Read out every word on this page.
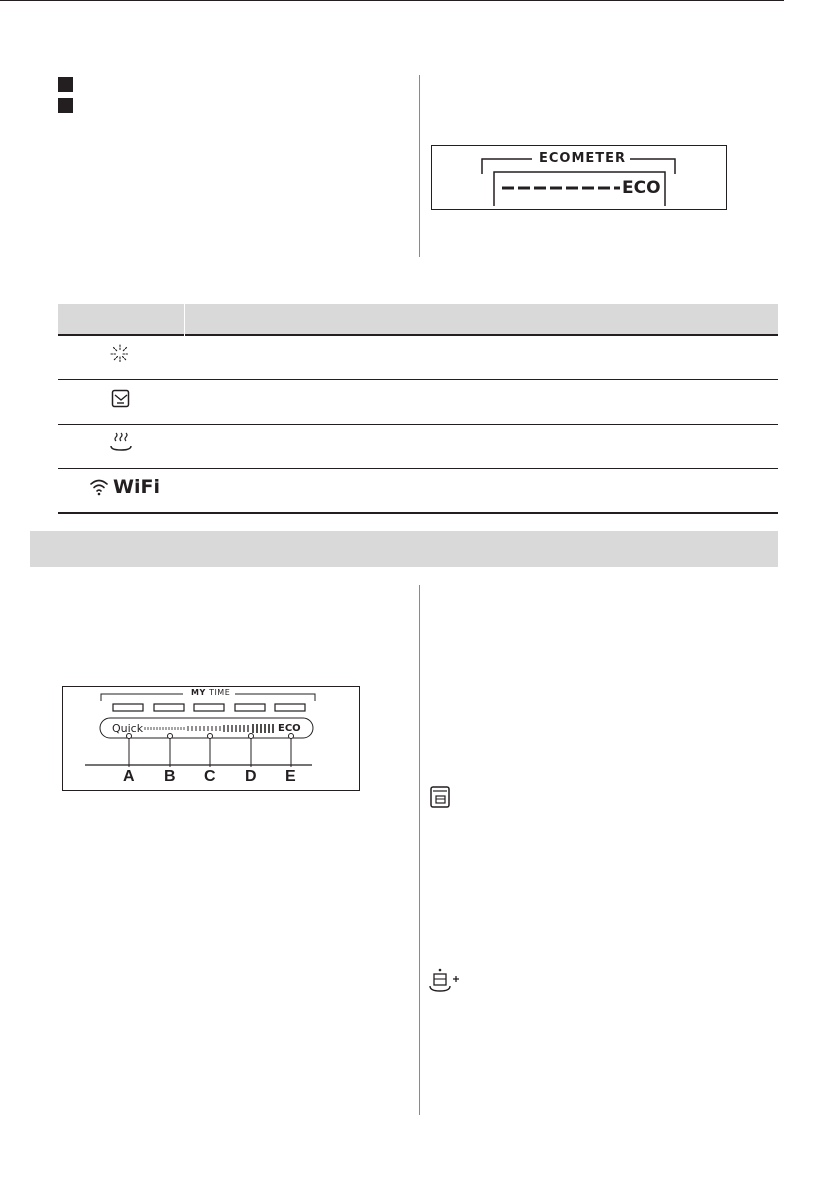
ECOMETER
ECO
WiFi
MY TIME
Quick	ECO
A B C D E
